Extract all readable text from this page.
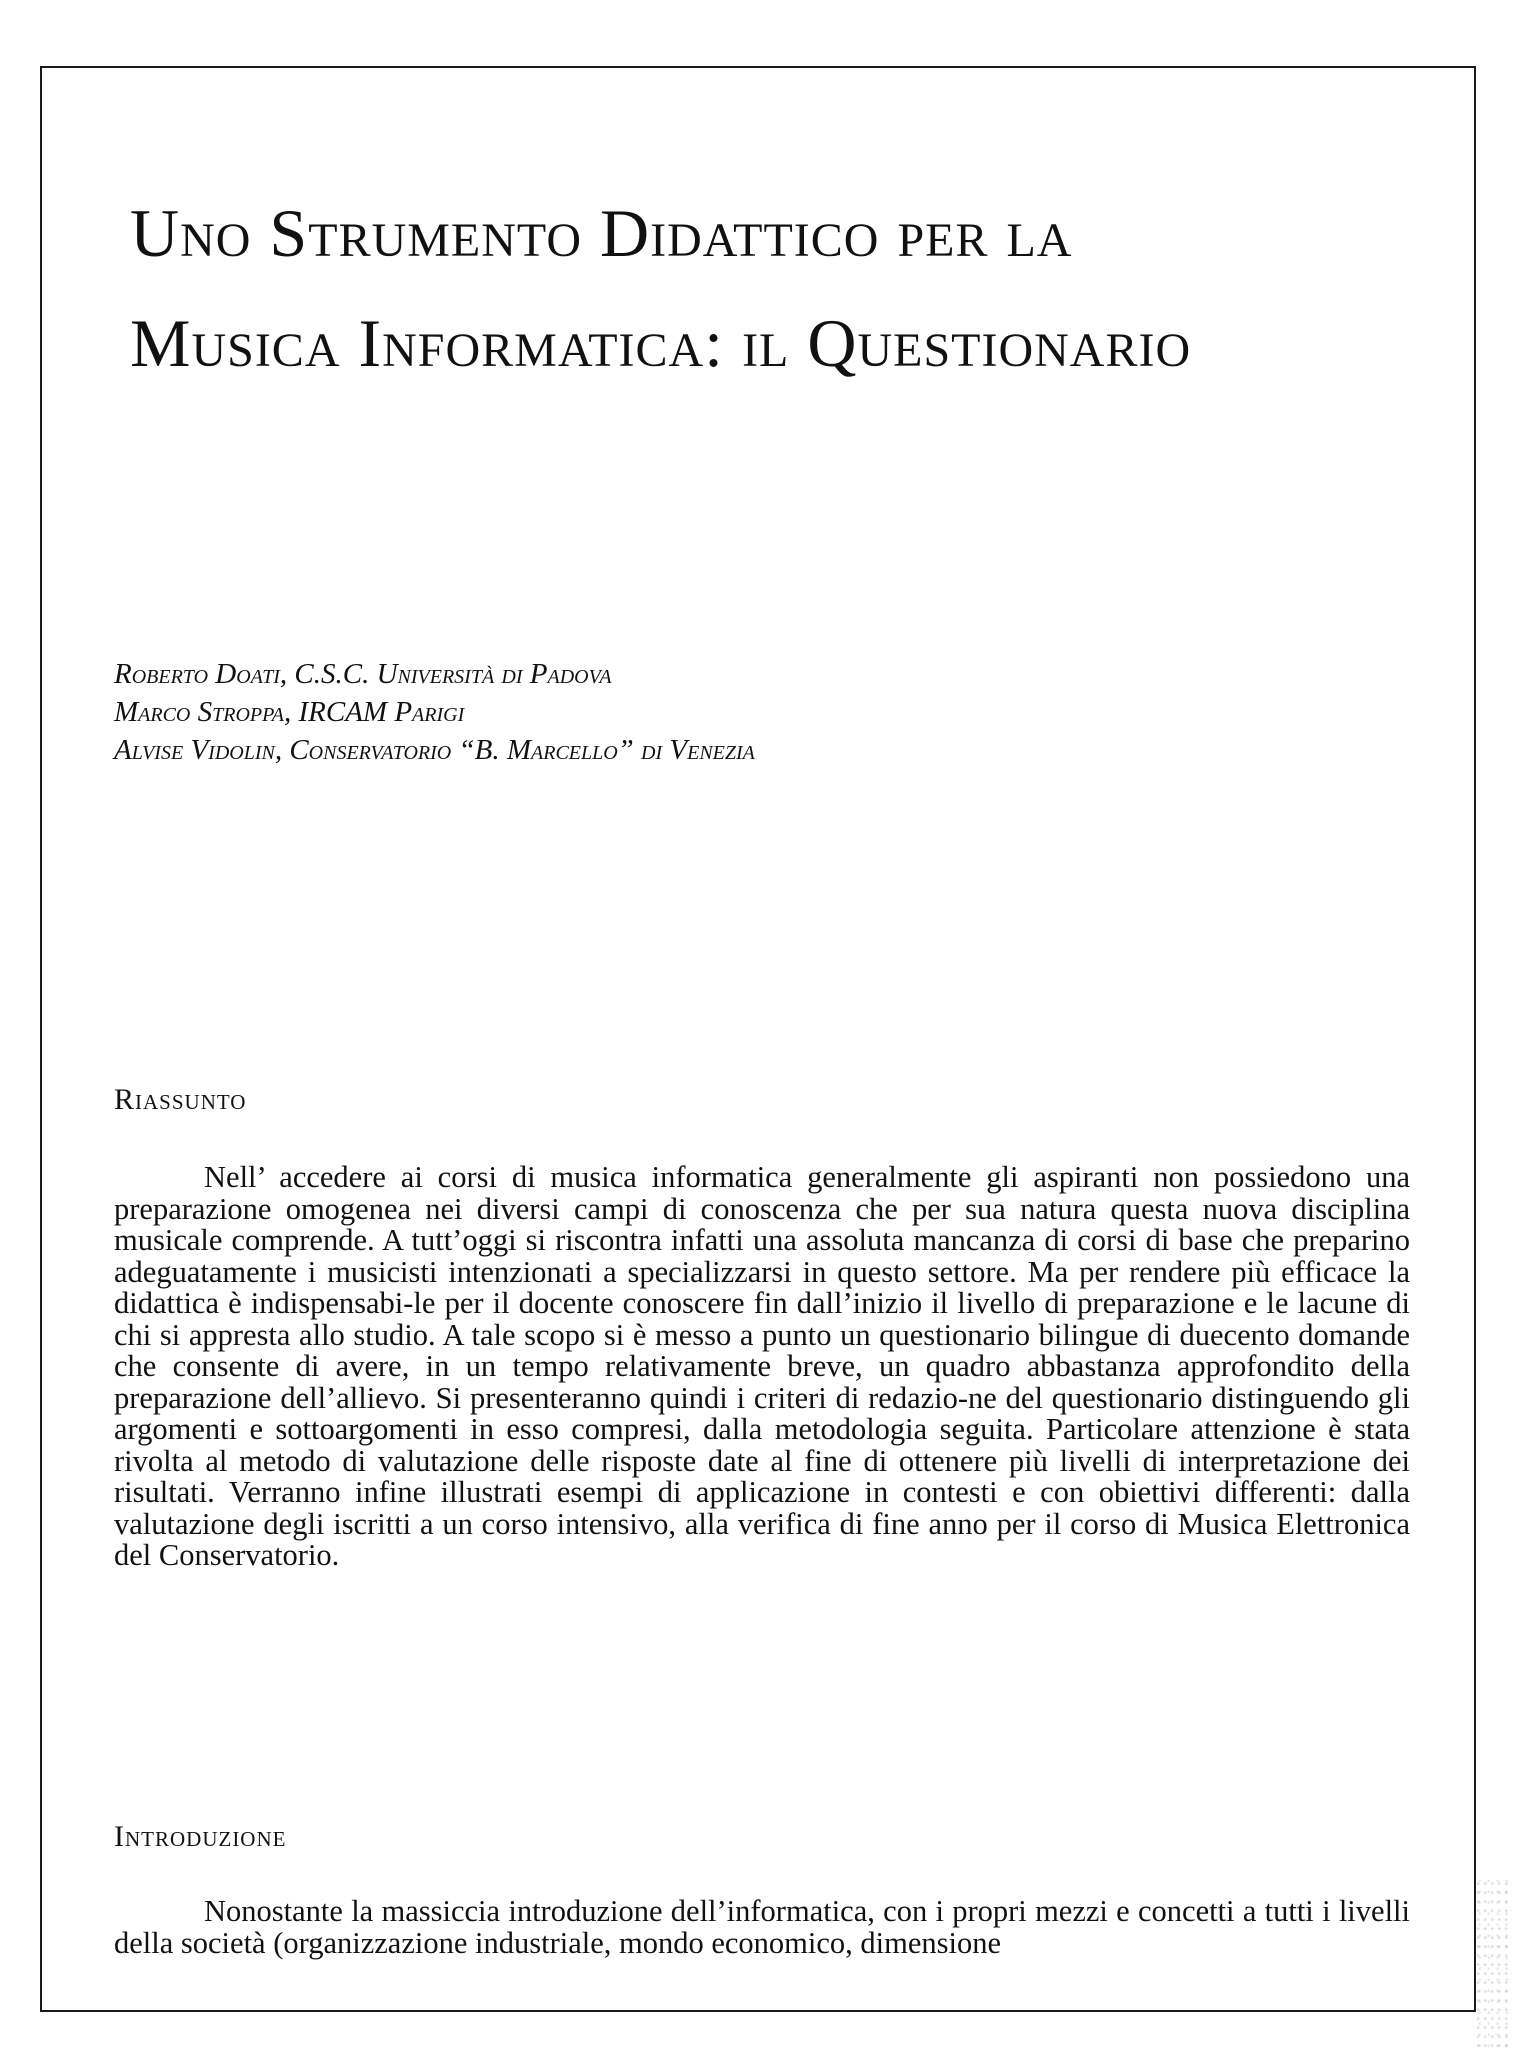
Uno Strumento Didattico per la
Musica Informatica: il Questionario
Roberto Doati, C.S.C. Università di Padova
Marco Stroppa, IRCAM Parigi
Alvise Vidolin, Conservatorio “B. Marcello” di Venezia
Riassunto

Nell’ accedere ai corsi di musica informatica generalmente gli aspiranti non possiedono una preparazione omogenea nei diversi campi di conoscenza che per sua natura questa nuova disciplina musicale comprende. A tutt’oggi si riscontra infatti una assoluta mancanza di corsi di base che preparino adeguatamente i musicisti intenzionati a specializzarsi in questo settore. Ma per rendere più efficace la didattica è indispensabi-le per il docente conoscere fin dall’inizio il livello di preparazione e le lacune di chi si appresta allo studio. A tale scopo si è messo a punto un questionario bilingue di duecento domande che consente di avere, in un tempo relativamente breve, un quadro abbastanza approfondito della preparazione dell’allievo. Si presenteranno quindi i criteri di redazio-ne del questionario distinguendo gli argomenti e sottoargomenti in esso compresi, dalla metodologia seguita. Particolare attenzione è stata rivolta al metodo di valutazione delle risposte date al fine di ottenere più livelli di interpretazione dei risultati. Verranno infine illustrati esempi di applicazione in contesti e con obiettivi differenti: dalla valutazione degli iscritti a un corso intensivo, alla verifica di fine anno per il corso di Musica Elettronica del Conservatorio.

Introduzione

Nonostante la massiccia introduzione dell’informatica, con i propri mezzi e concetti a tutti i livelli della società (organizzazione industriale, mondo economico, dimensione
